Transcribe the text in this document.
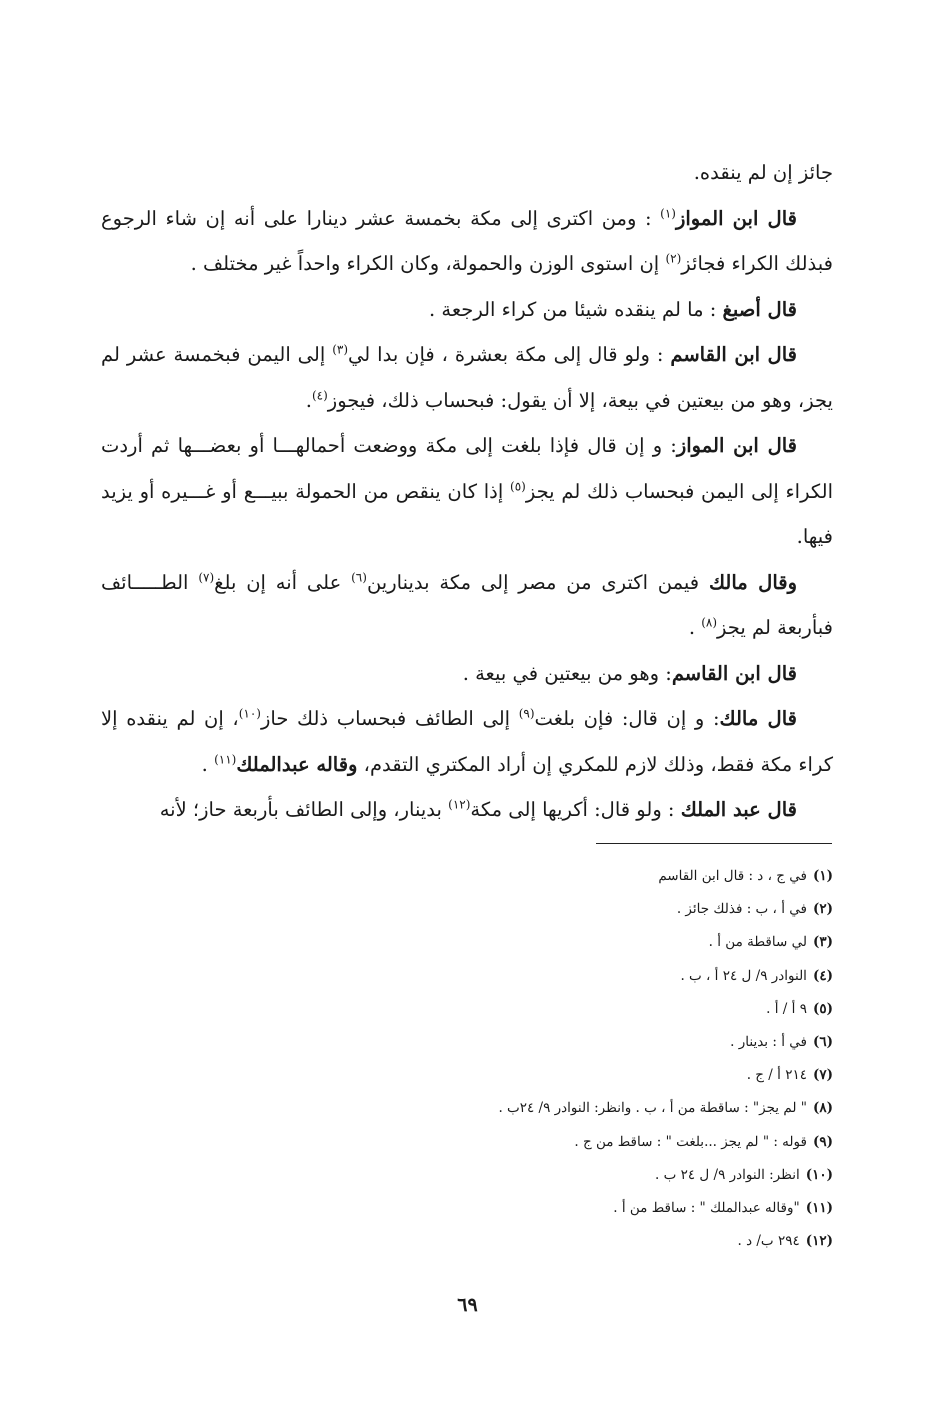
جائز إن لم ينقده.

قال ابن المواز$^{(١)}$ : ومن اكترى إلى مكة بخمسة عشر دينارا على أنه إن شاء الرجوع فبذلك الكراء فجائز$^{(٢)}$ إن استوى الوزن والحمولة، وكان الكراء واحداً غير مختلف .

قال أصبغ : ما لم ينقده شيئا من كراء الرجعة .

قال ابن القاسم : ولو قال إلى مكة بعشرة ، فإن بدا لي$^{(٣)}$ إلى اليمن فبخمسة عشر لم يجز، وهو من بيعتين في بيعة، إلا أن يقول: فبحساب ذلك، فيجوز$^{(٤)}$.

قال ابن المواز: و إن قال فإذا بلغت إلى مكة ووضعت أحمالهـــا أو بعضـــها ثم أردت الكراء إلى اليمن فبحساب ذلك لم يجز$^{(٥)}$ إذا كان ينقص من الحمولة ببيـــع أو غـــيره أو يزيد فيها.

وقال مالك فيمن اكترى من مصر إلى مكة بدينارين$^{(٦)}$ على أنه إن بلغ$^{(٧)}$ الطـــــائف فبأربعة لم يجز$^{(٨)}$ .

قال ابن القاسم: وهو من بيعتين في بيعة .

قال مالك: و إن قال: فإن بلغت$^{(٩)}$ إلى الطائف فبحساب ذلك حاز$^{(١٠)}$، إن لم ينقده إلا كراء مكة فقط، وذلك لازم للمكري إن أراد المكتري التقدم، وقاله عبدالملك$^{(١١)}$ .

قال عبد الملك : ولو قال: أكريها إلى مكة$^{(١٢)}$ بدينار، وإلى الطائف بأربعة حاز؛ لأنه

(١)في ج ، د : قال ابن القاسم
(٢)في أ ، ب : فذلك جائز .
(٣)لي ساقطة من أ .
(٤)النوادر ٩/ ل ٢٤ أ ، ب .
(٥)٩ أ / أ .
(٦)في أ : بدينار .
(٧)٢١٤ أ / ج .
(٨)" لم يجز" : ساقطة من أ ، ب . وانظر: النوادر ٩/ ٢٤ب .
(٩)قوله : " لم يجز ...بلغت " : ساقط من ج .
(١٠)انظر: النوادر ٩/ ل ٢٤ ب .
(١١)"وقاله عبدالملك " : ساقط من أ .
(١٢)٢٩٤ ب/ د .
٦٩
